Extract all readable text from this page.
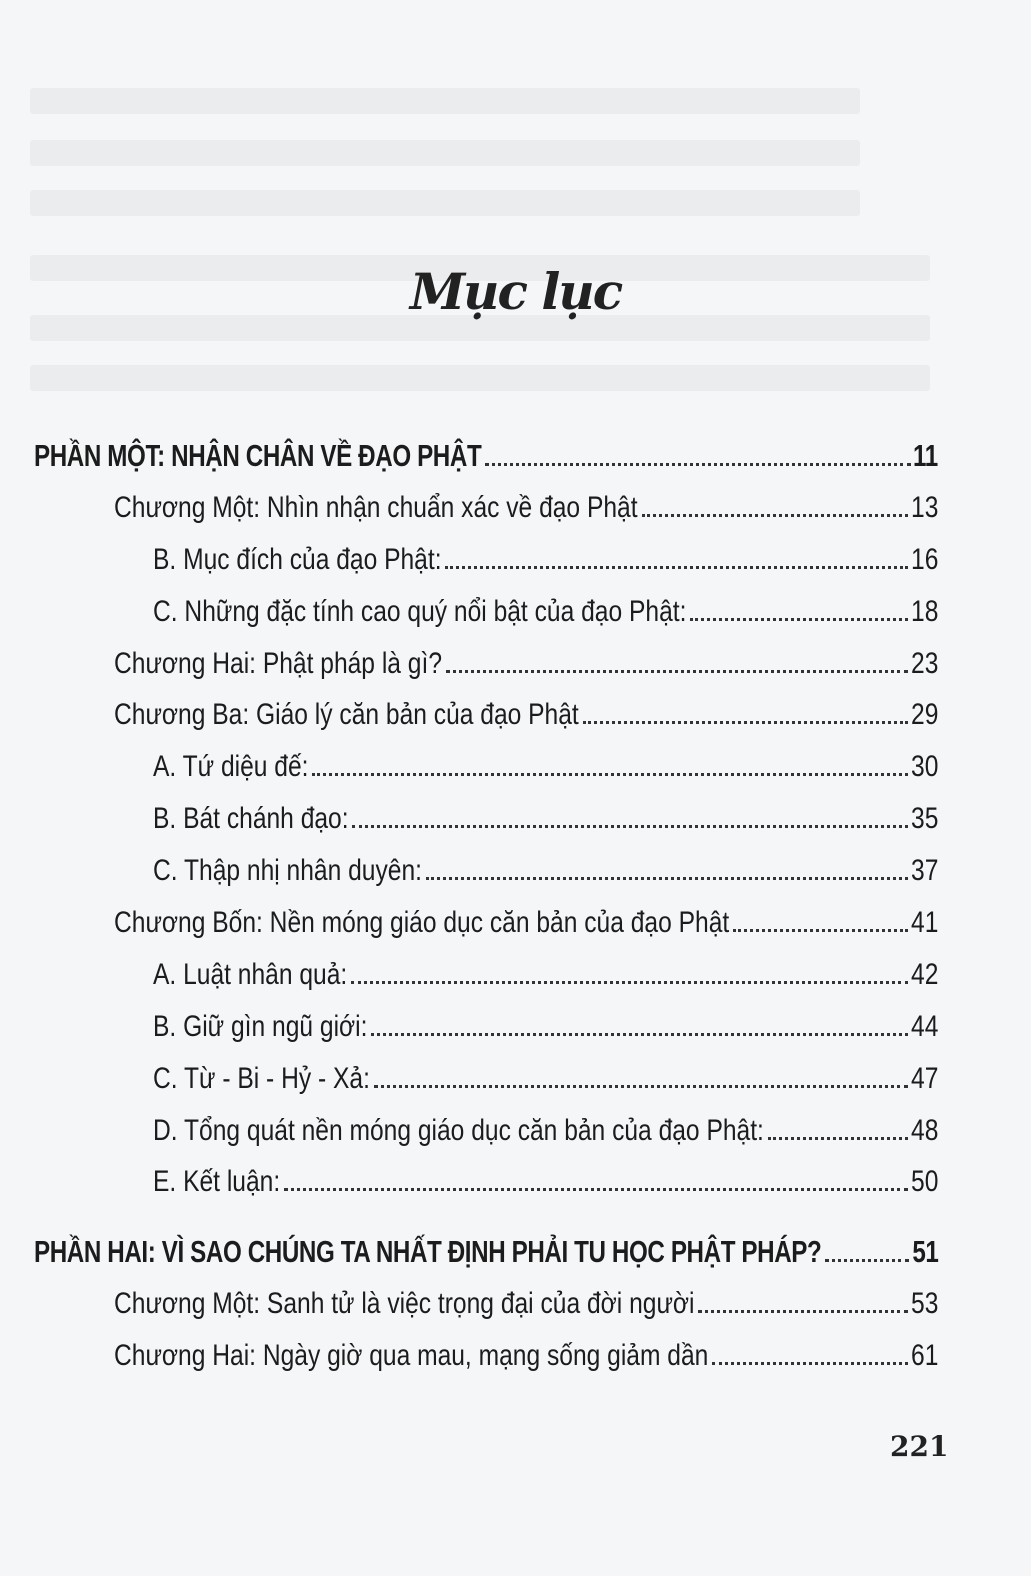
Mục lục
PHẦN MỘT: NHẬN CHÂN VỀ ĐẠO PHẬT	11
Chương Một: Nhìn nhận chuẩn xác về đạo Phật	13
B. Mục đích của đạo Phật:	16
C. Những đặc tính cao quý nổi bật của đạo Phật:	18
Chương Hai: Phật pháp là gì?	23
Chương Ba: Giáo lý căn bản của đạo Phật	29
A. Tứ diệu đế:	30
B. Bát chánh đạo:	35
C. Thập nhị nhân duyên:	37
Chương Bốn: Nền móng giáo dục căn bản của đạo Phật	41
A. Luật nhân quả:	42
B. Giữ gìn ngũ giới:	44
C. Từ - Bi - Hỷ - Xả:	47
D. Tổng quát nền móng giáo dục căn bản của đạo Phật:	48
E. Kết luận:	50
PHẦN HAI: VÌ SAO CHÚNG TA NHẤT ĐỊNH PHẢI TU HỌC PHẬT PHÁP?	51
Chương Một: Sanh tử là việc trọng đại của đời người	53
Chương Hai: Ngày giờ qua mau, mạng sống giảm dần	61
221
